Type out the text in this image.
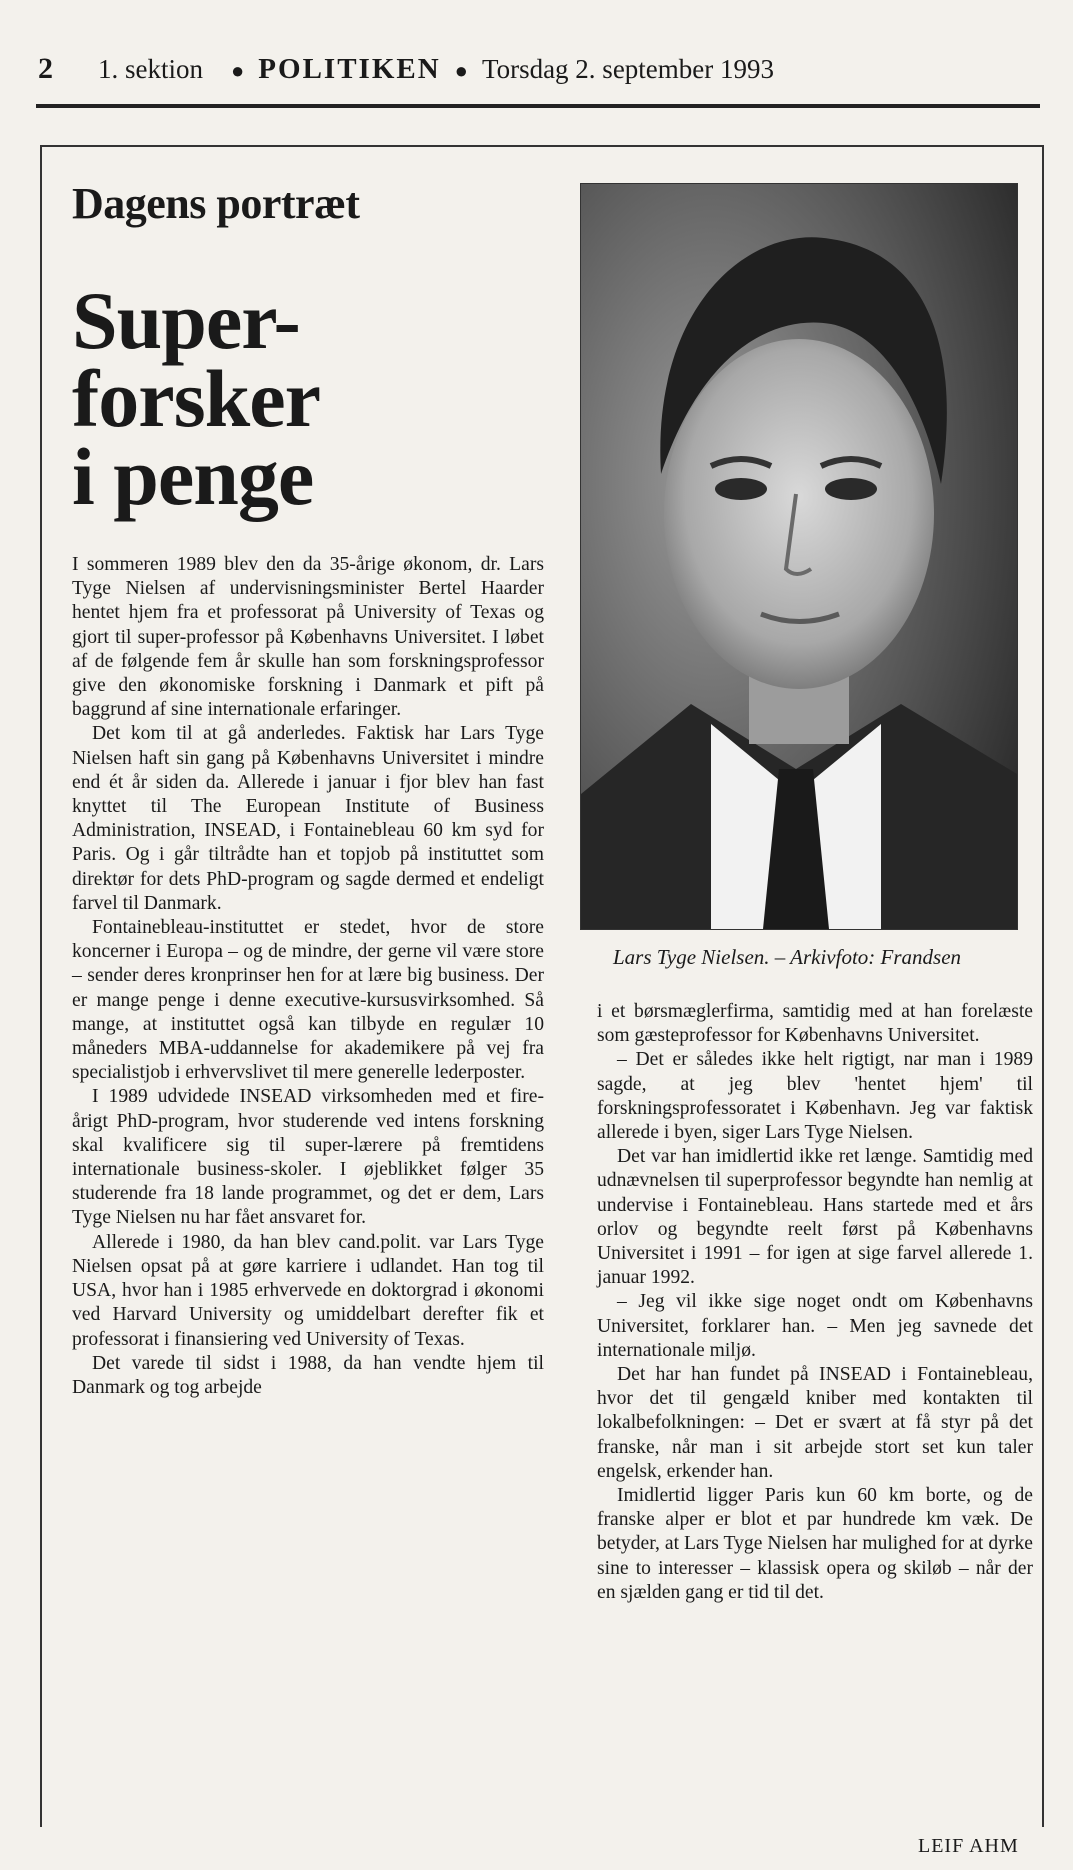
2	1. sektion ● POLITIKEN ● Torsdag 2. september 1993
Dagens portræt
Super-
forsker
i penge
Lars Tyge Nielsen. – Arkivfoto: Frandsen

I sommeren 1989 blev den da 35-årige økonom, dr. Lars Tyge Nielsen af undervisningsminister Bertel Haarder hentet hjem fra et professorat på University of Texas og gjort til super-professor på Københavns Universitet. I løbet af de følgende fem år skulle han som forskningsprofessor give den økonomiske forskning i Danmark et pift på baggrund af sine internationale erfaringer.

Det kom til at gå anderledes. Faktisk har Lars Tyge Nielsen haft sin gang på Københavns Universitet i mindre end ét år siden da. Allerede i januar i fjor blev han fast knyttet til The European Institute of Business Administration, INSEAD, i Fontainebleau 60 km syd for Paris. Og i går tiltrådte han et topjob på instituttet som direktør for dets PhD-program og sagde dermed et endeligt farvel til Danmark.

Fontainebleau-instituttet er stedet, hvor de store koncerner i Europa – og de mindre, der gerne vil være store – sender deres kronprinser hen for at lære big business. Der er mange penge i denne executive-kursusvirksomhed. Så mange, at instituttet også kan tilbyde en regulær 10 måneders MBA-uddannelse for akademikere på vej fra specialistjob i erhvervslivet til mere generelle lederposter.

I 1989 udvidede INSEAD virksomheden med et fire-årigt PhD-program, hvor studerende ved intens forskning skal kvalificere sig til super-lærere på fremtidens internationale business-skoler. I øjeblikket følger 35 studerende fra 18 lande programmet, og det er dem, Lars Tyge Nielsen nu har fået ansvaret for.

Allerede i 1980, da han blev cand.polit. var Lars Tyge Nielsen opsat på at gøre karriere i udlandet. Han tog til USA, hvor han i 1985 erhvervede en doktorgrad i økonomi ved Harvard University og umiddelbart derefter fik et professorat i finansiering ved University of Texas.

Det varede til sidst i 1988, da han vendte hjem til Danmark og tog arbejde

i et børsmæglerfirma, samtidig med at han forelæste som gæsteprofessor for Københavns Universitet.

– Det er således ikke helt rigtigt, nar man i 1989 sagde, at jeg blev 'hentet hjem' til forskningsprofessoratet i København. Jeg var faktisk allerede i byen, siger Lars Tyge Nielsen.

Det var han imidlertid ikke ret længe. Samtidig med udnævnelsen til superprofessor begyndte han nemlig at undervise i Fontainebleau. Hans startede med et års orlov og begyndte reelt først på Københavns Universitet i 1991 – for igen at sige farvel allerede 1. januar 1992.

– Jeg vil ikke sige noget ondt om Københavns Universitet, forklarer han. – Men jeg savnede det internationale miljø.

Det har han fundet på INSEAD i Fontainebleau, hvor det til gengæld kniber med kontakten til lokalbefolkningen: – Det er svært at få styr på det franske, når man i sit arbejde stort set kun taler engelsk, erkender han.

Imidlertid ligger Paris kun 60 km borte, og de franske alper er blot et par hundrede km væk. De betyder, at Lars Tyge Nielsen har mulighed for at dyrke sine to interesser – klassisk opera og skiløb – når der en sjælden gang er tid til det.

LEIF AHM
